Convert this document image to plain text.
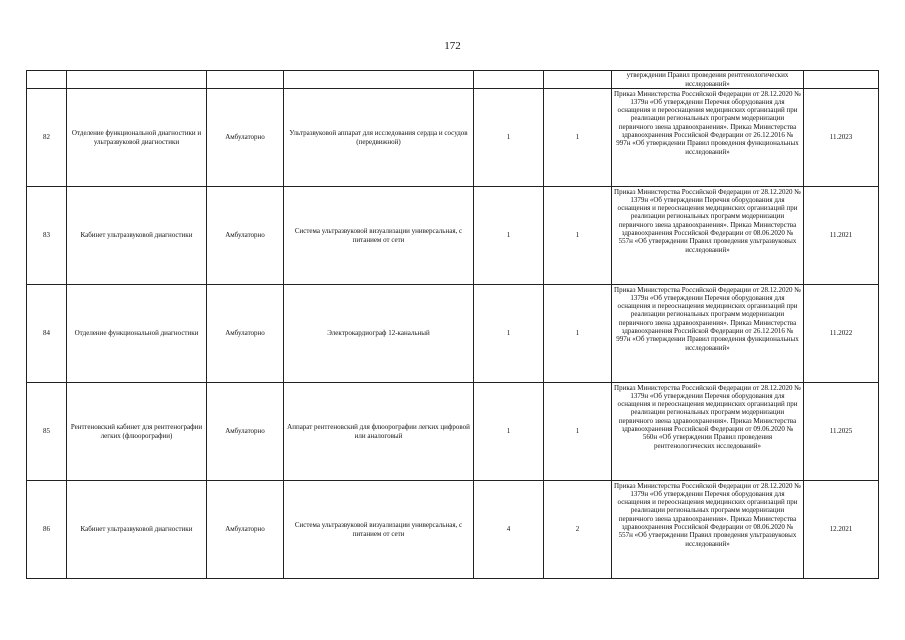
172

утверждении Правил проведения рентгенологических исследований»	

82	Отделение функциональной диагностики и ультразвуковой диагностики	Амбулаторно	Ультразвуковой аппарат для исследования сердца и сосудов (передвижной)	1	1	Приказ Министерства Российской Федерации от 28.12.2020 № 1379н «Об утверждении Перечня оборудования для оснащения и переоснащения медицинских организаций при реализации региональных программ модернизации первичного звена здравоохранения». Приказ Министерства здравоохранения Российской Федерации от 26.12.2016 № 997н «Об утверждении Правил проведения функциональных исследований»	11.2023
83	Кабинет ультразвуковой диагностики	Амбулаторно	Система ультразвуковой визуализации универсальная, с питанием от сети	1	1	Приказ Министерства Российской Федерации от 28.12.2020 № 1379н «Об утверждении Перечня оборудования для оснащения и переоснащения медицинских организаций при реализации региональных программ модернизации первичного звена здравоохранения». Приказ Министерства здравоохранения Российской Федерации от 08.06.2020 № 557н «Об утверждении Правил проведения ультразвуковых исследований»	11.2021
84	Отделение функциональной диагностики	Амбулаторно	Электрокардиограф 12-канальный	1	1	Приказ Министерства Российской Федерации от 28.12.2020 № 1379н «Об утверждении Перечня оборудования для оснащения и переоснащения медицинских организаций при реализации региональных программ модернизации первичного звена здравоохранения». Приказ Министерства здравоохранения Российской Федерации от 26.12.2016 № 997н «Об утверждении Правил проведения функциональных исследований»	11.2022
85	Рентгеновский кабинет для рентгенографии легких (флюорографии)	Амбулаторно	Аппарат рентгеновский для флюорографии легких цифровой или аналоговый	1	1	Приказ Министерства Российской Федерации от 28.12.2020 № 1379н «Об утверждении Перечня оборудования для оснащения и переоснащения медицинских организаций при реализации региональных программ модернизации первичного звена здравоохранения». Приказ Министерства здравоохранения Российской Федерации от 09.06.2020 № 560н «Об утверждении Правил проведения рентгенологических исследований»	11.2025
86	Кабинет ультразвуковой диагностики	Амбулаторно	Система ультразвуковой визуализации универсальная, с питанием от сети	4	2	Приказ Министерства Российской Федерации от 28.12.2020 № 1379н «Об утверждении Перечня оборудования для оснащения и переоснащения медицинских организаций при реализации региональных программ модернизации первичного звена здравоохранения». Приказ Министерства здравоохранения Российской Федерации от 08.06.2020 № 557н «Об утверждении Правил проведения ультразвуковых исследований»	12.2021
